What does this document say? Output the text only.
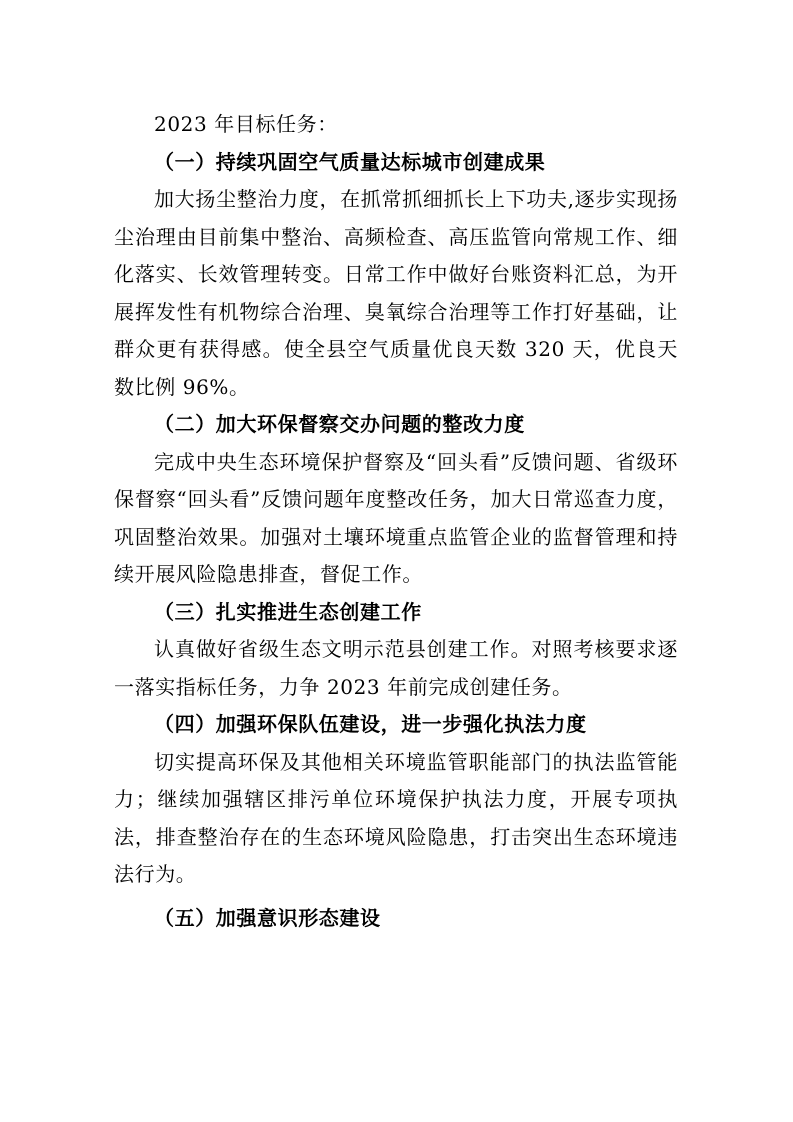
2023 年目标任务：

（一）持续巩固空气质量达标城市创建成果

加大扬尘整治力度，在抓常抓细抓长上下功夫,逐步实现扬尘治理由目前集中整治、高频检查、高压监管向常规工作、细化落实、长效管理转变。日常工作中做好台账资料汇总，为开展挥发性有机物综合治理、臭氧综合治理等工作打好基础，让群众更有获得感。使全县空气质量优良天数 320 天，优良天数比例 96%。

（二）加大环保督察交办问题的整改力度

完成中央生态环境保护督察及“回头看”反馈问题、省级环保督察“回头看”反馈问题年度整改任务，加大日常巡查力度，巩固整治效果。加强对土壤环境重点监管企业的监督管理和持续开展风险隐患排查，督促工作。

（三）扎实推进生态创建工作

认真做好省级生态文明示范县创建工作。对照考核要求逐一落实指标任务，力争 2023 年前完成创建任务。

（四）加强环保队伍建设，进一步强化执法力度

切实提高环保及其他相关环境监管职能部门的执法监管能力；继续加强辖区排污单位环境保护执法力度，开展专项执法，排查整治存在的生态环境风险隐患，打击突出生态环境违法行为。

（五）加强意识形态建设
